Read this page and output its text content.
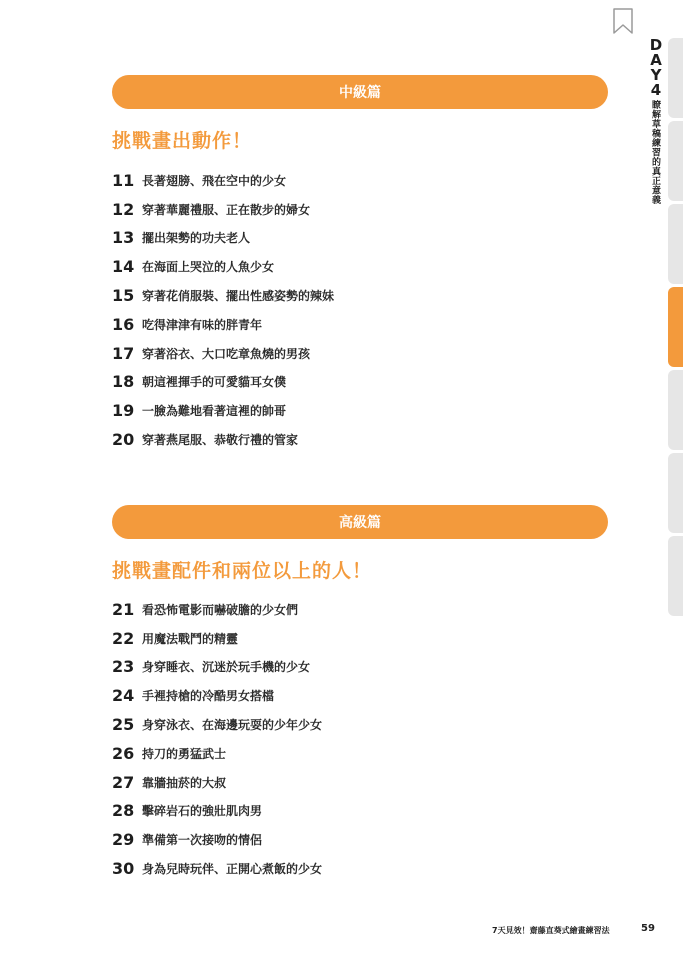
D
A
Y
4
瞭解草稿練習的真正意義
中級篇
挑戰畫出動作！
11 長著翅膀、飛在空中的少女
12 穿著華麗禮服、正在散步的婦女
13 擺出架勢的功夫老人
14 在海面上哭泣的人魚少女
15 穿著花俏服裝、擺出性感姿勢的辣妹
16 吃得津津有味的胖青年
17 穿著浴衣、大口吃章魚燒的男孩
18 朝這裡揮手的可愛貓耳女僕
19 一臉為難地看著這裡的帥哥
20 穿著燕尾服、恭敬行禮的管家
高級篇
挑戰畫配件和兩位以上的人！
21 看恐怖電影而嚇破膽的少女們
22 用魔法戰鬥的精靈
23 身穿睡衣、沉迷於玩手機的少女
24 手裡持槍的冷酷男女搭檔
25 身穿泳衣、在海邊玩耍的少年少女
26 持刀的勇猛武士
27 靠牆抽菸的大叔
28 擊碎岩石的強壯肌肉男
29 準備第一次接吻的情侶
30 身為兒時玩伴、正開心煮飯的少女
7天見效！齋藤直葵式繪畫練習法	59
